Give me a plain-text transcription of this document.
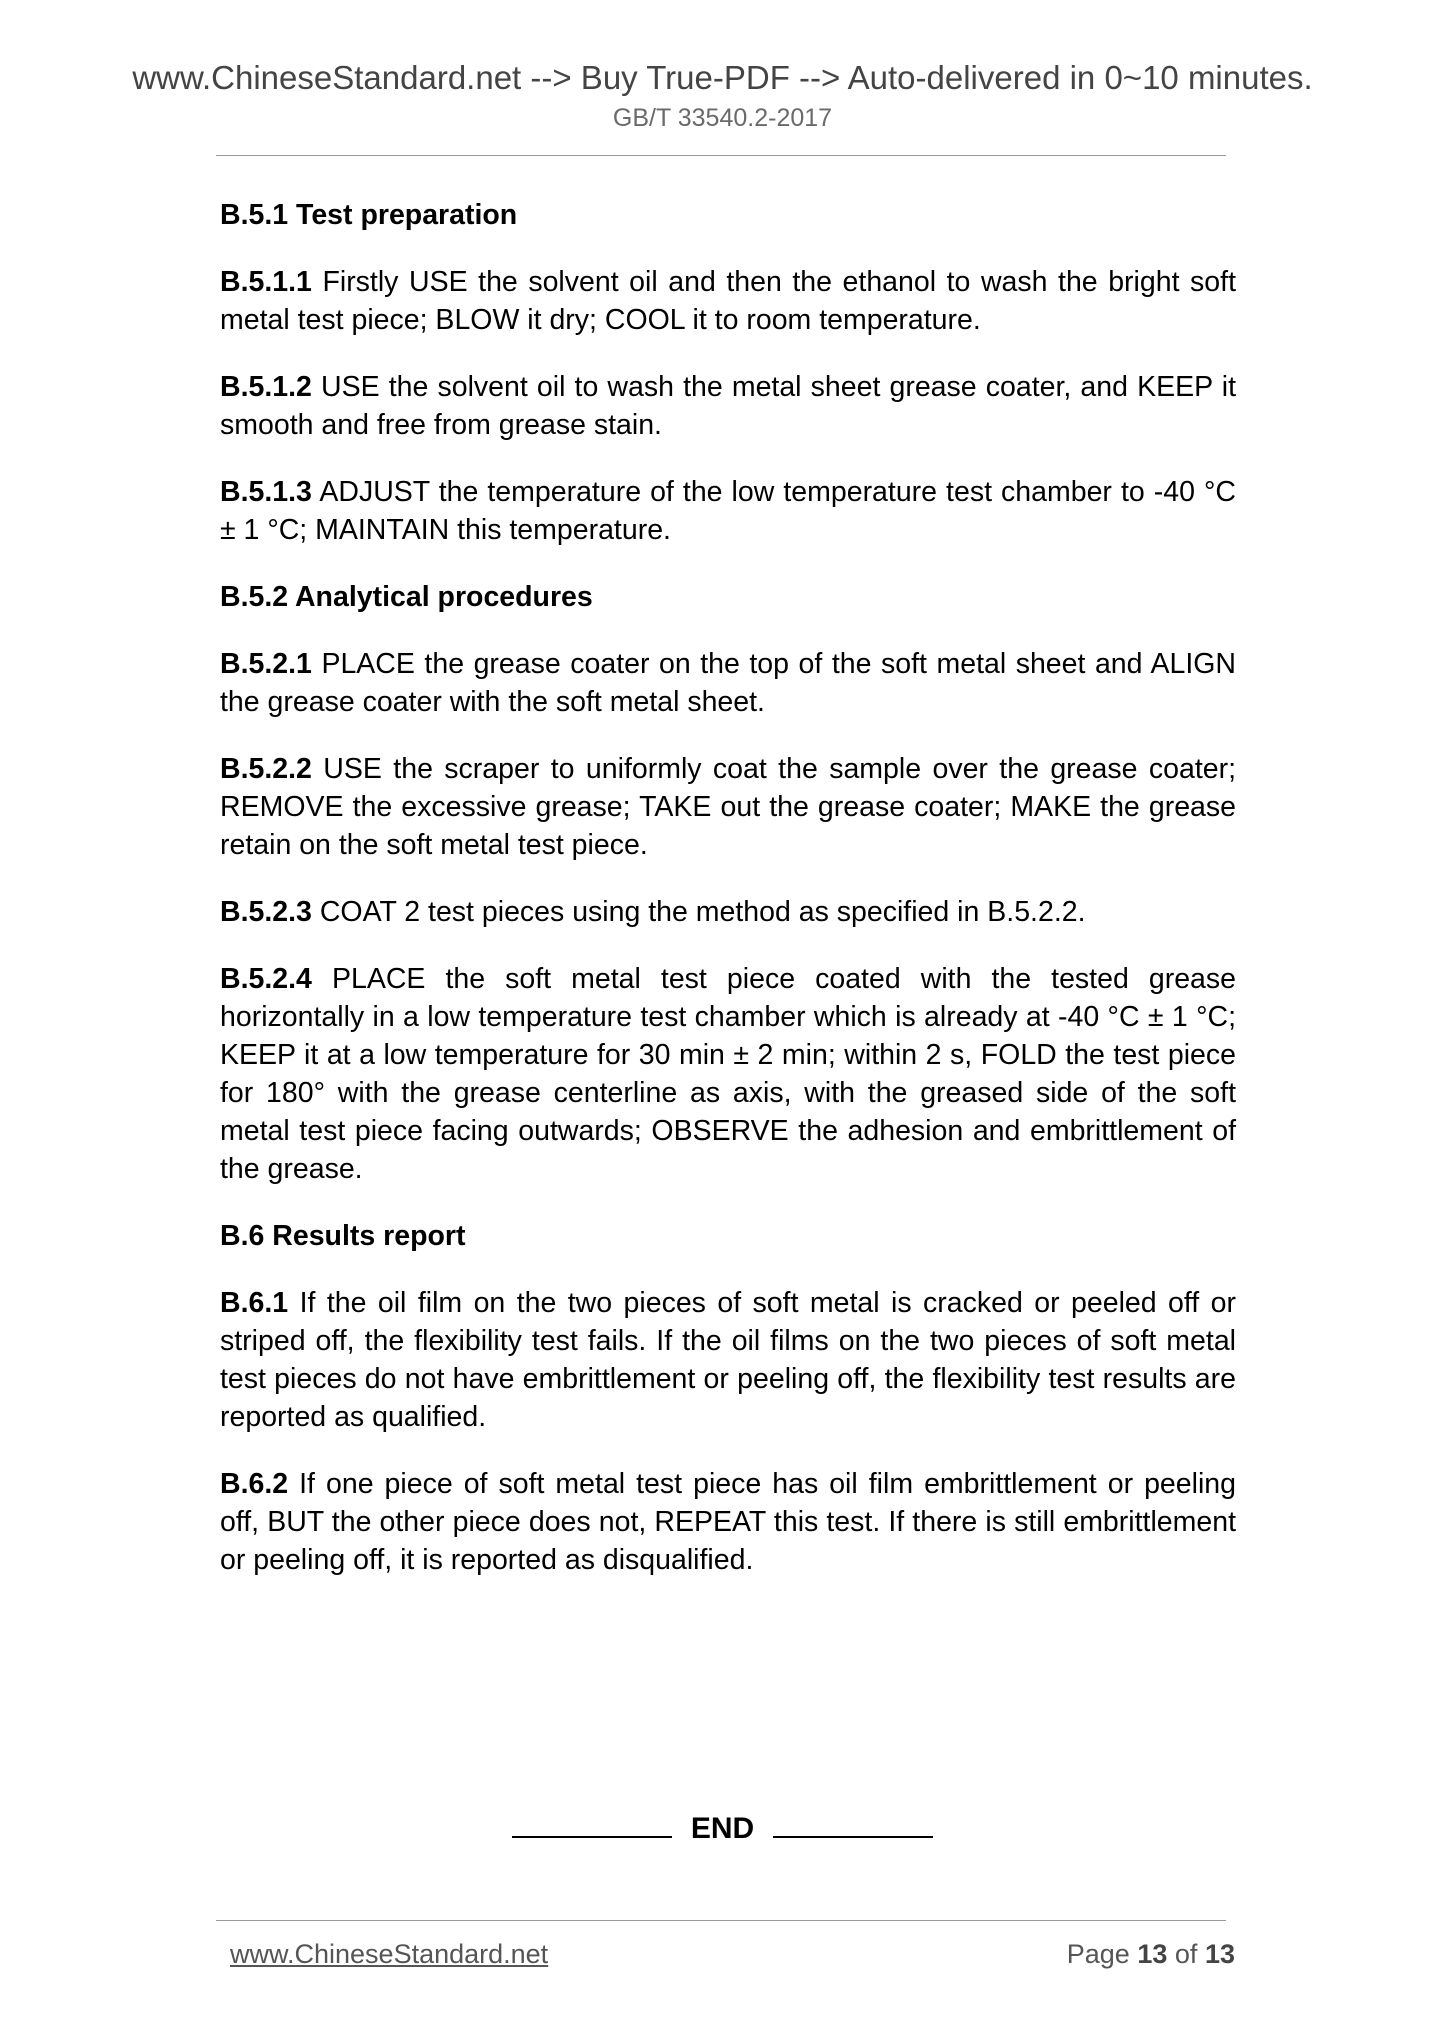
www.ChineseStandard.net --> Buy True-PDF --> Auto-delivered in 0~10 minutes.
GB/T 33540.2-2017
B.5.1 Test preparation

B.5.1.1 Firstly USE the solvent oil and then the ethanol to wash the bright soft metal test piece; BLOW it dry; COOL it to room temperature.

B.5.1.2 USE the solvent oil to wash the metal sheet grease coater, and KEEP it smooth and free from grease stain.

B.5.1.3 ADJUST the temperature of the low temperature test chamber to -40 °C ± 1 °C; MAINTAIN this temperature.

B.5.2 Analytical procedures

B.5.2.1 PLACE the grease coater on the top of the soft metal sheet and ALIGN the grease coater with the soft metal sheet.

B.5.2.2 USE the scraper to uniformly coat the sample over the grease coater; REMOVE the excessive grease; TAKE out the grease coater; MAKE the grease retain on the soft metal test piece.

B.5.2.3 COAT 2 test pieces using the method as specified in B.5.2.2.

B.5.2.4 PLACE the soft metal test piece coated with the tested grease horizontally in a low temperature test chamber which is already at -40 °C ± 1 °C; KEEP it at a low temperature for 30 min ± 2 min; within 2 s, FOLD the test piece for 180° with the grease centerline as axis, with the greased side of the soft metal test piece facing outwards; OBSERVE the adhesion and embrittlement of the grease.

B.6 Results report

B.6.1 If the oil film on the two pieces of soft metal is cracked or peeled off or striped off, the flexibility test fails. If the oil films on the two pieces of soft metal test pieces do not have embrittlement or peeling off, the flexibility test results are reported as qualified.

B.6.2 If one piece of soft metal test piece has oil film embrittlement or peeling off, BUT the other piece does not, REPEAT this test. If there is still embrittlement or peeling off, it is reported as disqualified.

END
www.ChineseStandard.net	Page 13 of 13
